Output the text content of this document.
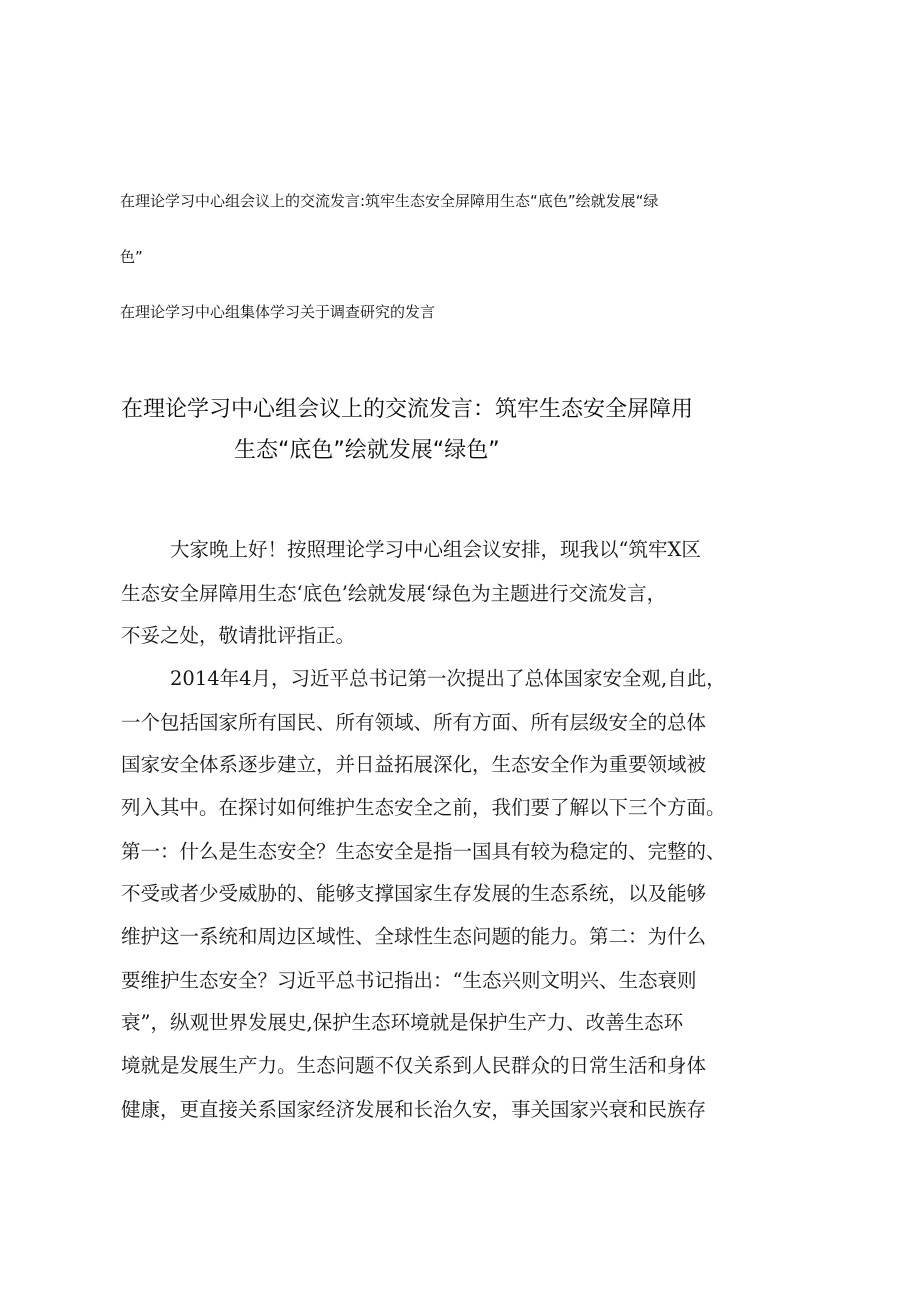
在理论学习中心组会议上的交流发言:筑牢生态安全屏障用生态“底色”绘就发展“绿
色”
在理论学习中心组集体学习关于调查研究的发言
在理论学习中心组会议上的交流发言：筑牢生态安全屏障用
生态“底色”绘就发展“绿色”
大家晚上好！按照理论学习中心组会议安排，现我以“筑牢X区
生态安全屏障用生态‘底色’绘就发展‘绿色为主题进行交流发言，
不妥之处，敬请批评指正。
2014年4月，习近平总书记第一次提出了总体国家安全观,自此，
一个包括国家所有国民、所有领域、所有方面、所有层级安全的总体
国家安全体系逐步建立，并日益拓展深化，生态安全作为重要领域被
列入其中。在探讨如何维护生态安全之前，我们要了解以下三个方面。
第一：什么是生态安全？生态安全是指一国具有较为稳定的、完整的、
不受或者少受威胁的、能够支撑国家生存发展的生态系统，以及能够
维护这一系统和周边区域性、全球性生态问题的能力。第二：为什么
要维护生态安全？习近平总书记指出：“生态兴则文明兴、生态衰则
衰”，纵观世界发展史,保护生态环境就是保护生产力、改善生态环
境就是发展生产力。生态问题不仅关系到人民群众的日常生活和身体
健康，更直接关系国家经济发展和长治久安，事关国家兴衰和民族存
